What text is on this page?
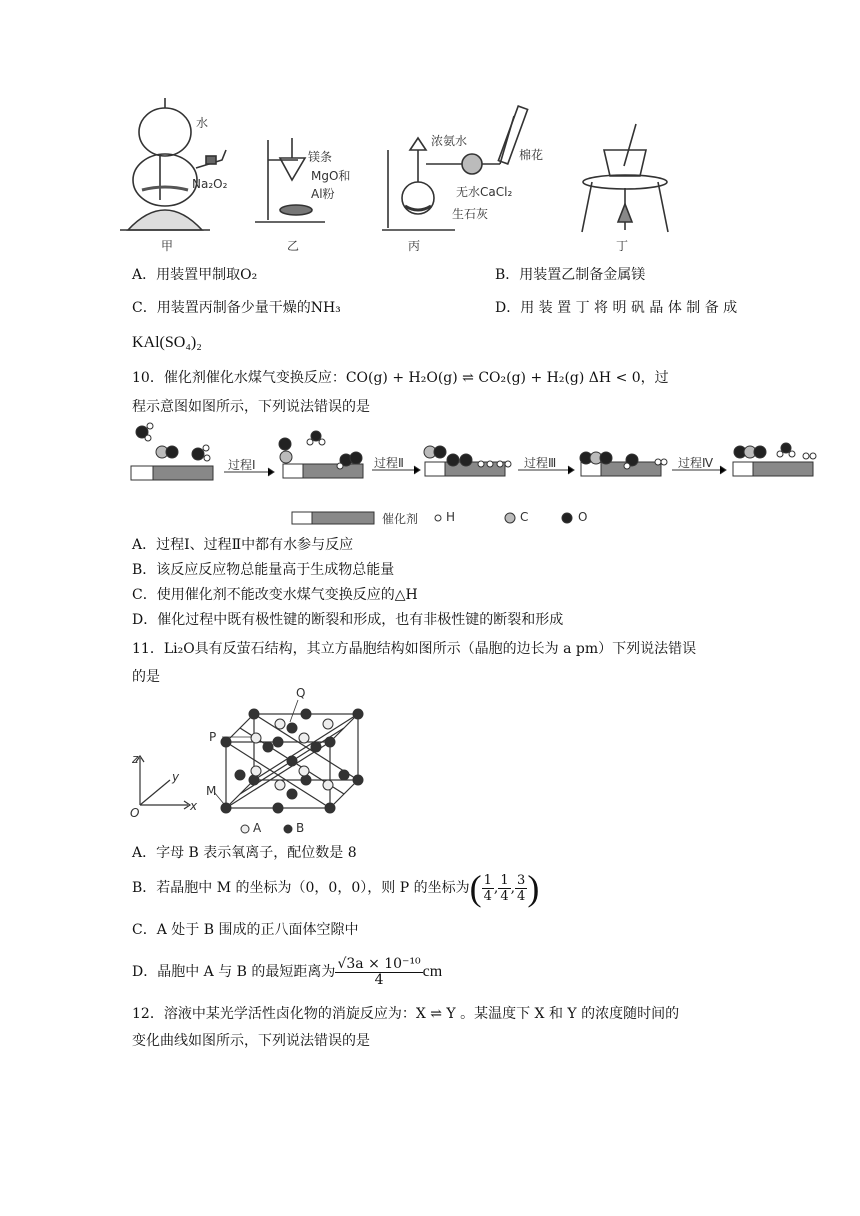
水
Na₂O₂
甲
镁条
MgO和
Al粉
乙
浓氨水
棉花
无水CaCl₂
生石灰
丙	丁
A．用装置甲制取O₂	B．用装置乙制备金属镁
C．用装置丙制备少量干燥的NH₃	D．用 装 置 丁 将 明 矾 晶 体 制 备 成
KAl(SO₄)₂
10．催化剂催化水煤气变换反应：CO(g) + H₂O(g) ⇌ CO₂(g) + H₂(g) ΔH < 0，过
程示意图如图所示，下列说法错误的是
过程Ⅰ	过程Ⅱ	过程Ⅲ	过程Ⅳ
催化剂 H	C	O
A．过程Ⅰ、过程Ⅱ中都有水参与反应
B．该反应反应物总能量高于生成物总能量
C．使用催化剂不能改变水煤气变换反应的△H
D．催化过程中既有极性键的断裂和形成，也有非极性键的断裂和形成
11．Li₂O具有反萤石结构，其立方晶胞结构如图所示（晶胞的边长为 a pm）下列说法错误
的是
Q
P
M
O	x
y
z
A	B
A．字母 B 表示氧离子，配位数是 8
B．若晶胞中 M 的坐标为（0，0，0），则 P 的坐标为 ( $\frac{1}{4}$ , $\frac{1}{4}$ , $\frac{3}{4}$ )
C．A 处于 B 围成的正八面体空隙中
D．晶胞中 A 与 B 的最短距离为 $\frac{\text{√3a × 10⁻¹⁰}}{4}$ cm
12．溶液中某光学活性卤化物的消旋反应为：X ⇌ Y 。某温度下 X 和 Y 的浓度随时间的
变化曲线如图所示，下列说法错误的是
